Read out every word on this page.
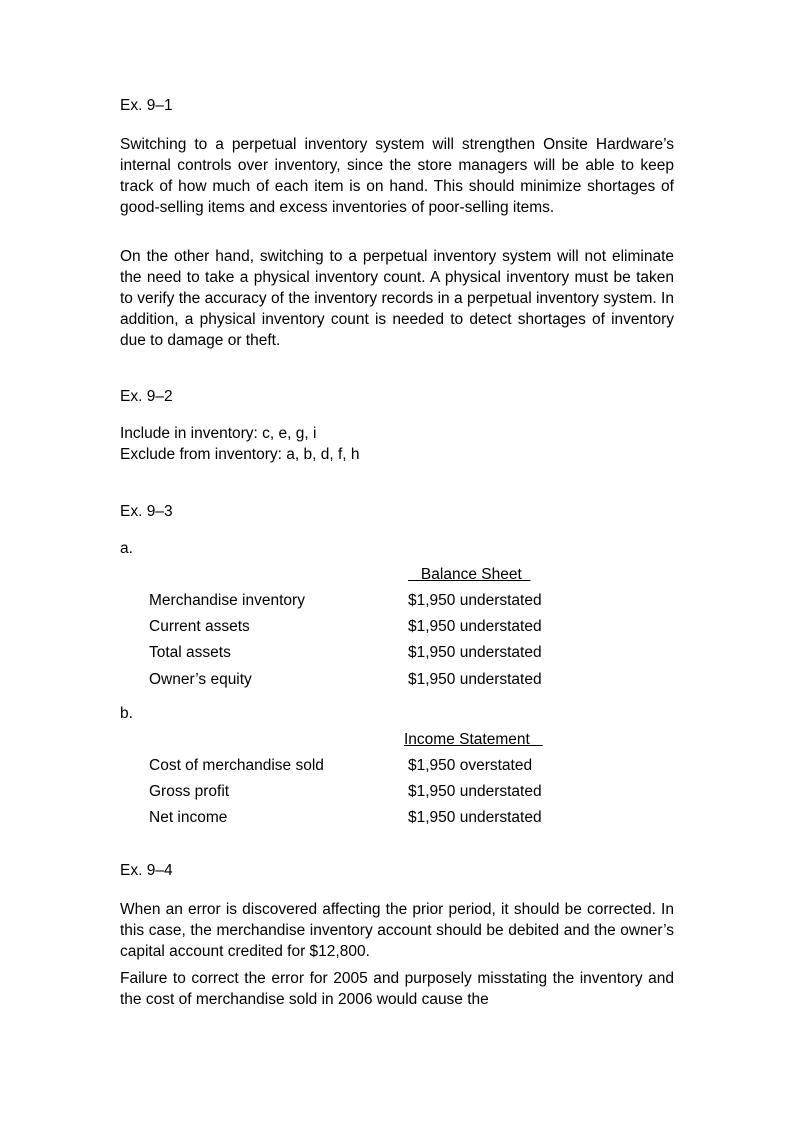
Ex. 9–1

Switching to a perpetual inventory system will strengthen Onsite Hardware’s internal controls over inventory, since the store managers will be able to keep track of how much of each item is on hand. This should minimize shortages of good-selling items and excess inventories of poor-selling items.

On the other hand, switching to a perpetual inventory system will not eliminate the need to take a physical inventory count. A physical inventory must be taken to verify the accuracy of the inventory records in a perpetual inventory system. In addition, a physical inventory count is needed to detect shortages of inventory due to damage or theft.

Ex. 9–2
Include in inventory: c, e, g, i
Exclude from inventory: a, b, d, f, h
Ex. 9–3
a.
Balance Sheet
Merchandise inventory	$1,950 understated
Current assets	$1,950 understated
Total assets	$1,950 understated
Owner’s equity	$1,950 understated
b.
Income Statement
Cost of merchandise sold	$1,950 overstated
Gross profit	$1,950 understated
Net income	$1,950 understated
Ex. 9–4

When an error is discovered affecting the prior period, it should be corrected. In this case, the merchandise inventory account should be debited and the owner’s capital account credited for $12,800.

Failure to correct the error for 2005 and purposely misstating the inventory and the cost of merchandise sold in 2006 would cause the
